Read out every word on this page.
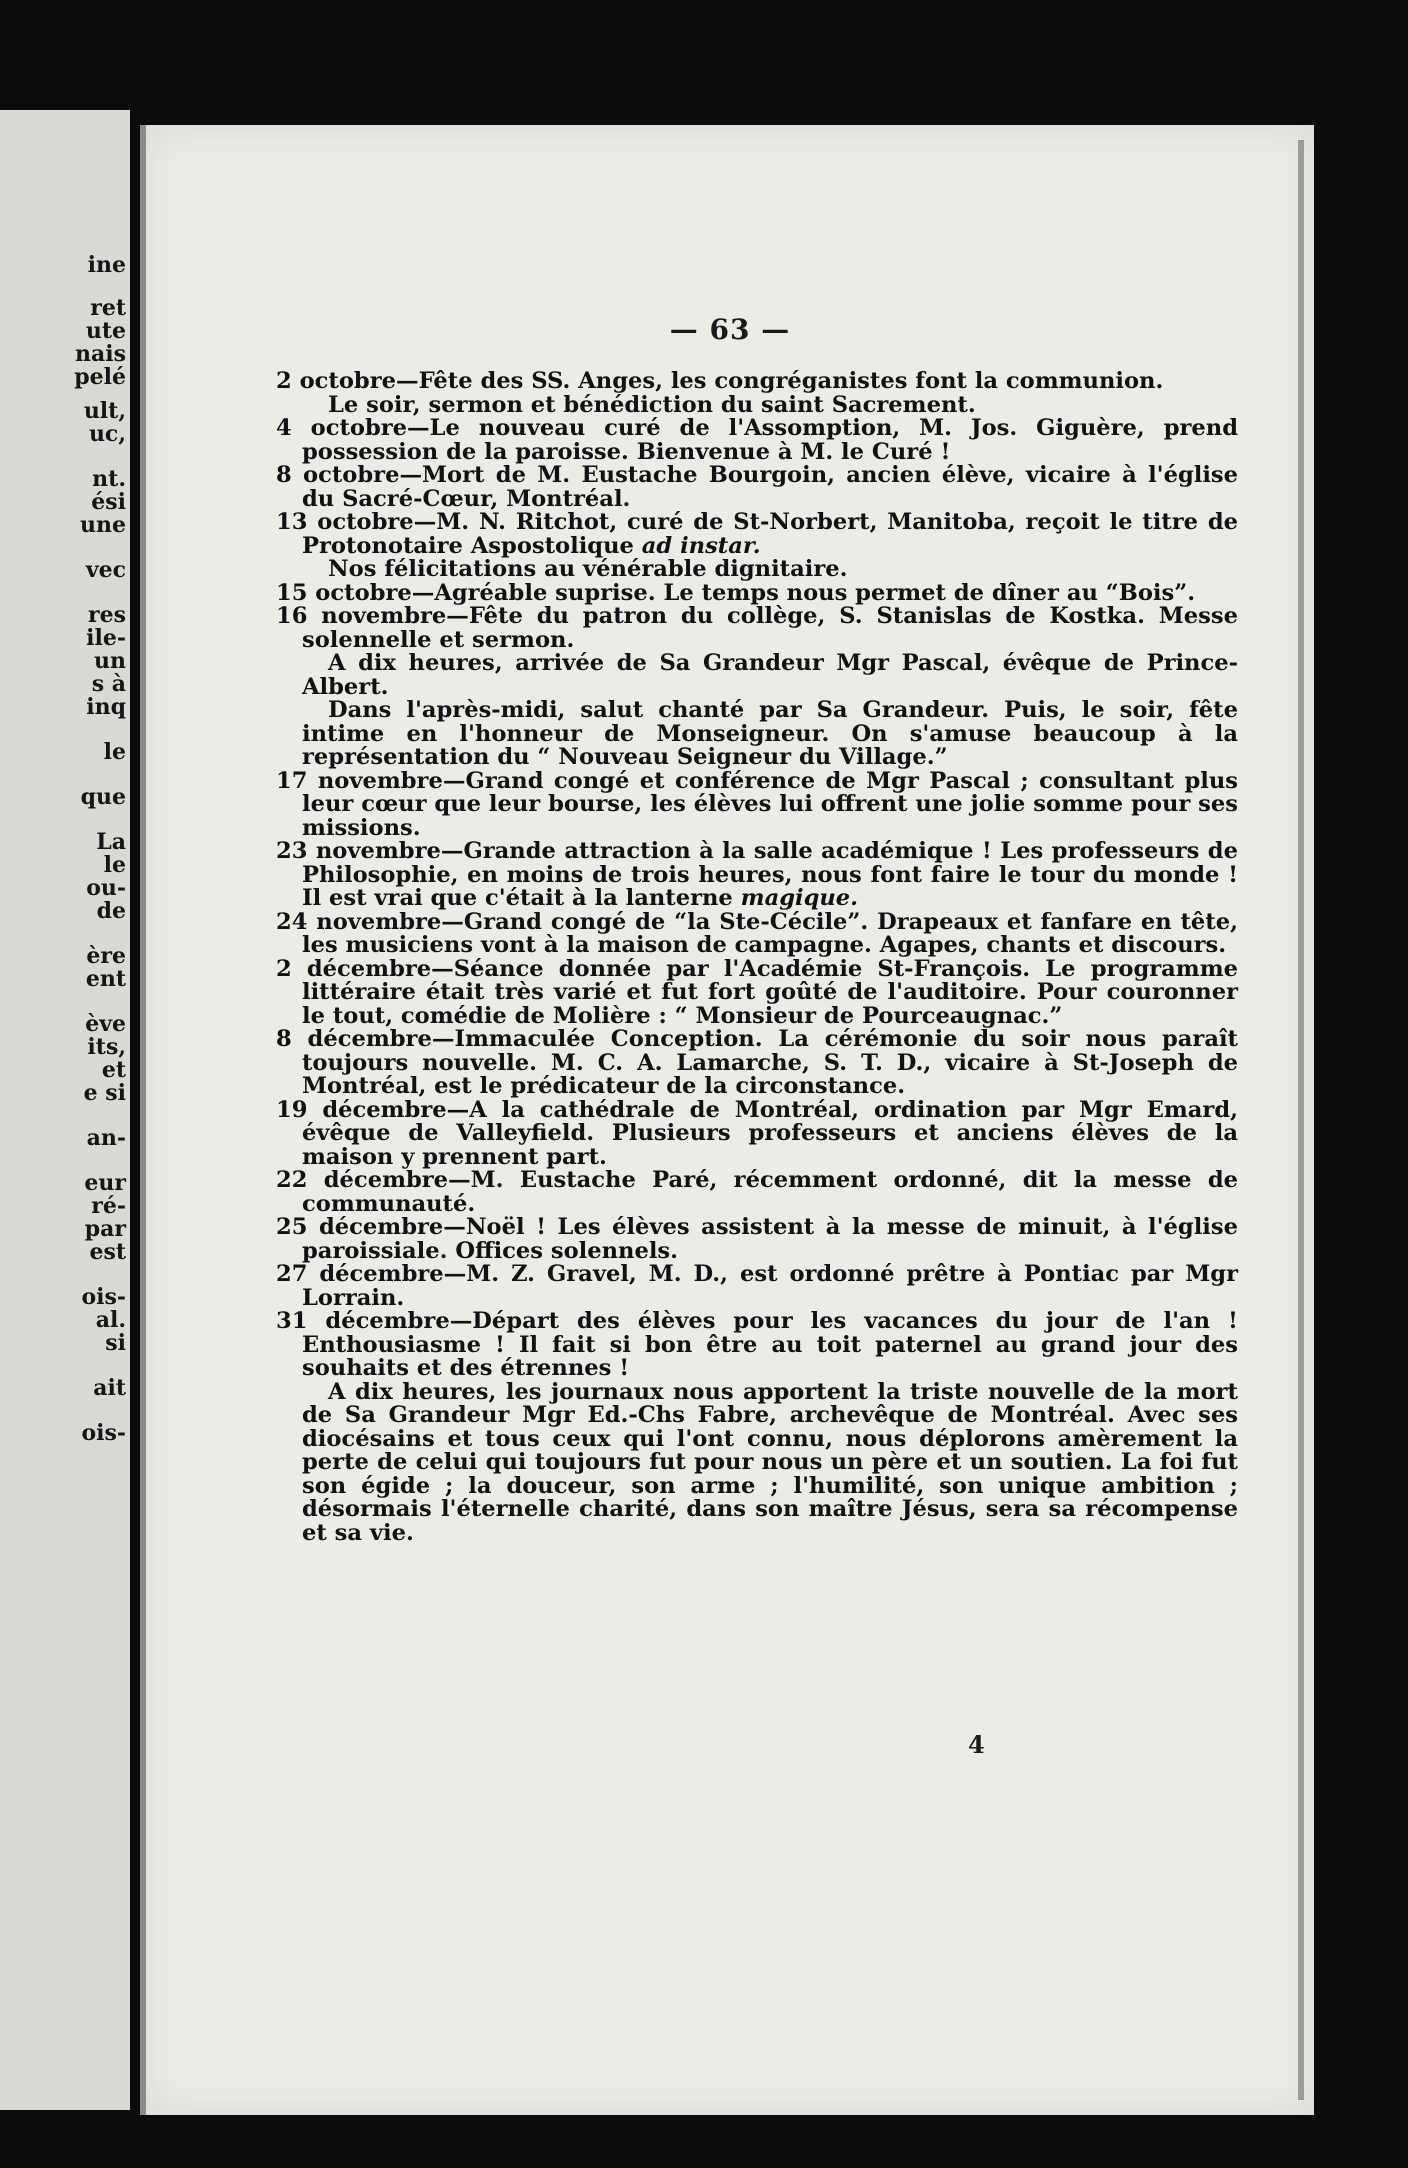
ine
ret
ute
nais
pelé
ult,
uc,
nt.
ési
une
vec
res
ile-
un
s à
inq
le
que
La
le
ou-
de
ère
ent
ève
its,
et
e si
an-
eur
ré-
par
est
ois-
al.
si
ait
ois-
— 63 —
2 octobre—Fête des SS. Anges, les congréganistes font la communion.
Le soir, sermon et bénédiction du saint Sacrement.
4 octobre—Le nouveau curé de l'Assomption, M. Jos. Giguère, prend possession de la paroisse. Bienvenue à M. le Curé !
8 octobre—Mort de M. Eustache Bourgoin, ancien élève, vicaire à l'église du Sacré-Cœur, Montréal.
13 octobre—M. N. Ritchot, curé de St-Norbert, Manitoba, reçoit le titre de Protonotaire Aspostolique ad instar.
Nos félicitations au vénérable dignitaire.
15 octobre—Agréable suprise. Le temps nous permet de dîner au “Bois”.
16 novembre—Fête du patron du collège, S. Stanislas de Kostka. Messe solennelle et sermon.
A dix heures, arrivée de Sa Grandeur Mgr Pascal, évêque de Prince-Albert.
Dans l'après-midi, salut chanté par Sa Grandeur. Puis, le soir, fête intime en l'honneur de Monseigneur. On s'amuse beaucoup à la représentation du “ Nouveau Seigneur du Village.”
17 novembre—Grand congé et conférence de Mgr Pascal ; consultant plus leur cœur que leur bourse, les élèves lui offrent une jolie somme pour ses missions.
23 novembre—Grande attraction à la salle académique ! Les professeurs de Philosophie, en moins de trois heures, nous font faire le tour du monde ! Il est vrai que c'était à la lanterne magique.
24 novembre—Grand congé de “la Ste-Cécile”. Drapeaux et fanfare en tête, les musiciens vont à la maison de campagne. Agapes, chants et discours.
2 décembre—Séance donnée par l'Académie St-François. Le programme littéraire était très varié et fut fort goûté de l'auditoire. Pour couronner le tout, comédie de Molière : “ Monsieur de Pourceaugnac.”
8 décembre—Immaculée Conception. La cérémonie du soir nous paraît toujours nouvelle. M. C. A. Lamarche, S. T. D., vicaire à St-Joseph de Montréal, est le prédicateur de la circonstance.
19 décembre—A la cathédrale de Montréal, ordination par Mgr Emard, évêque de Valleyfield. Plusieurs professeurs et anciens élèves de la maison y prennent part.
22 décembre—M. Eustache Paré, récemment ordonné, dit la messe de communauté.
25 décembre—Noël ! Les élèves assistent à la messe de minuit, à l'église paroissiale. Offices solennels.
27 décembre—M. Z. Gravel, M. D., est ordonné prêtre à Pontiac par Mgr Lorrain.
31 décembre—Départ des élèves pour les vacances du jour de l'an ! Enthousiasme ! Il fait si bon être au toit paternel au grand jour des souhaits et des étrennes !
A dix heures, les journaux nous apportent la triste nouvelle de la mort de Sa Grandeur Mgr Ed.-Chs Fabre, archevêque de Montréal. Avec ses diocésains et tous ceux qui l'ont connu, nous déplorons amèrement la perte de celui qui toujours fut pour nous un père et un soutien. La foi fut son égide ; la douceur, son arme ; l'humilité, son unique ambition ; désormais l'éternelle charité, dans son maître Jésus, sera sa récompense et sa vie.
4
